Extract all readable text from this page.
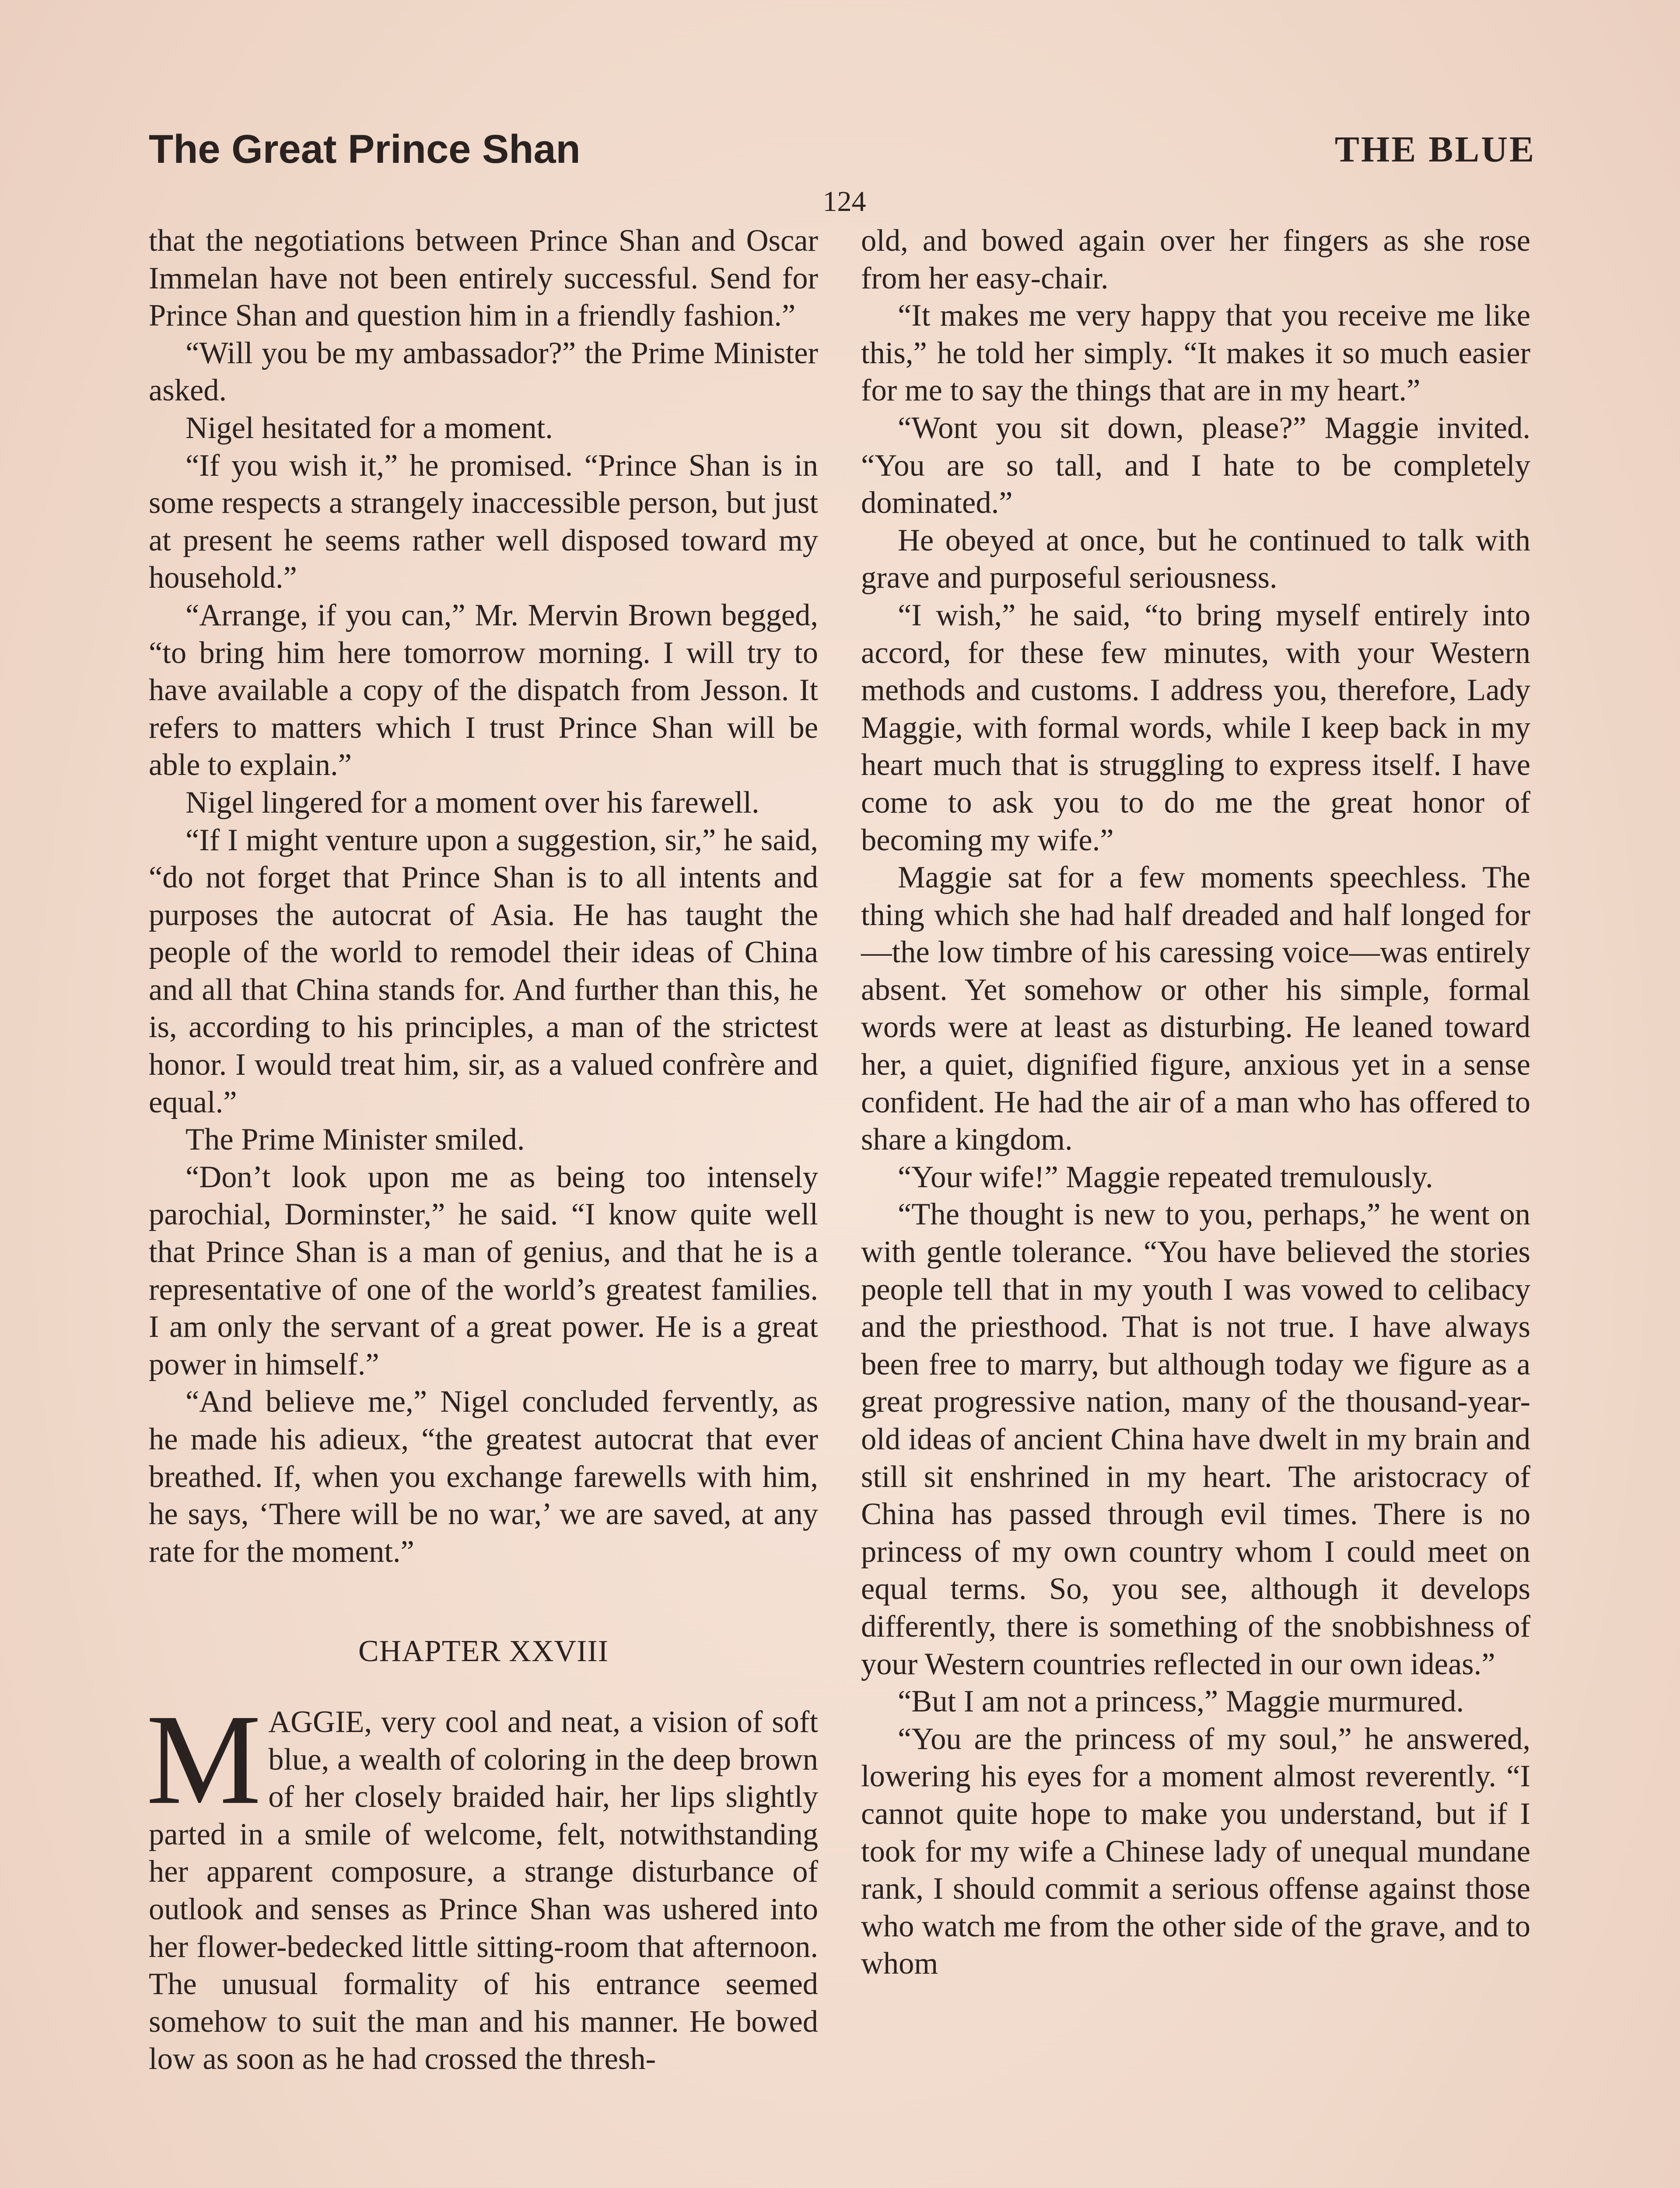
The Great Prince Shan	THE BLUE
124

that the negotiations between Prince Shan and Oscar Immelan have not been entirely successful. Send for Prince Shan and question him in a friendly fashion.”

“Will you be my ambassador?” the Prime Minister asked.

Nigel hesitated for a moment.

“If you wish it,” he promised. “Prince Shan is in some respects a strangely inaccessible person, but just at present he seems rather well disposed toward my household.”

“Arrange, if you can,” Mr. Mervin Brown begged, “to bring him here tomorrow morning. I will try to have available a copy of the dispatch from Jesson. It refers to matters which I trust Prince Shan will be able to explain.”

Nigel lingered for a moment over his farewell.

“If I might venture upon a suggestion, sir,” he said, “do not forget that Prince Shan is to all intents and purposes the autocrat of Asia. He has taught the people of the world to remodel their ideas of China and all that China stands for. And further than this, he is, according to his principles, a man of the strictest honor. I would treat him, sir, as a valued confrère and equal.”

The Prime Minister smiled.

“Don’t look upon me as being too intensely parochial, Dorminster,” he said. “I know quite well that Prince Shan is a man of genius, and that he is a representative of one of the world’s greatest families. I am only the servant of a great power. He is a great power in himself.”

“And believe me,” Nigel concluded fervently, as he made his adieux, “the greatest autocrat that ever breathed. If, when you exchange farewells with him, he says, ‘There will be no war,’ we are saved, at any rate for the moment.”

CHAPTER XXVIII

MAGGIE, very cool and neat, a vision of soft blue, a wealth of coloring in the deep brown of her closely braided hair, her lips slightly parted in a smile of welcome, felt, notwithstanding her apparent composure, a strange disturbance of outlook and senses as Prince Shan was ushered into her flower-bedecked little sitting-room that afternoon. The unusual formality of his entrance seemed somehow to suit the man and his manner. He bowed low as soon as he had crossed the thresh-

old, and bowed again over her fingers as she rose from her easy-chair.

“It makes me very happy that you receive me like this,” he told her simply. “It makes it so much easier for me to say the things that are in my heart.”

“Wont you sit down, please?” Maggie invited. “You are so tall, and I hate to be completely dominated.”

He obeyed at once, but he continued to talk with grave and purposeful seriousness.

“I wish,” he said, “to bring myself entirely into accord, for these few minutes, with your Western methods and customs. I address you, therefore, Lady Maggie, with formal words, while I keep back in my heart much that is struggling to express itself. I have come to ask you to do me the great honor of becoming my wife.”

Maggie sat for a few moments speechless. The thing which she had half dreaded and half longed for—the low timbre of his caressing voice—was entirely absent. Yet somehow or other his simple, formal words were at least as disturbing. He leaned toward her, a quiet, dignified figure, anxious yet in a sense confident. He had the air of a man who has offered to share a kingdom.

“Your wife!” Maggie repeated tremulously.

“The thought is new to you, perhaps,” he went on with gentle tolerance. “You have believed the stories people tell that in my youth I was vowed to celibacy and the priesthood. That is not true. I have always been free to marry, but although today we figure as a great progressive nation, many of the thousand-year-old ideas of ancient China have dwelt in my brain and still sit enshrined in my heart. The aristocracy of China has passed through evil times. There is no princess of my own country whom I could meet on equal terms. So, you see, although it develops differently, there is something of the snobbishness of your Western countries reflected in our own ideas.”

“But I am not a princess,” Maggie murmured.

“You are the princess of my soul,” he answered, lowering his eyes for a moment almost reverently. “I cannot quite hope to make you understand, but if I took for my wife a Chinese lady of unequal mundane rank, I should commit a serious offense against those who watch me from the other side of the grave, and to whom
